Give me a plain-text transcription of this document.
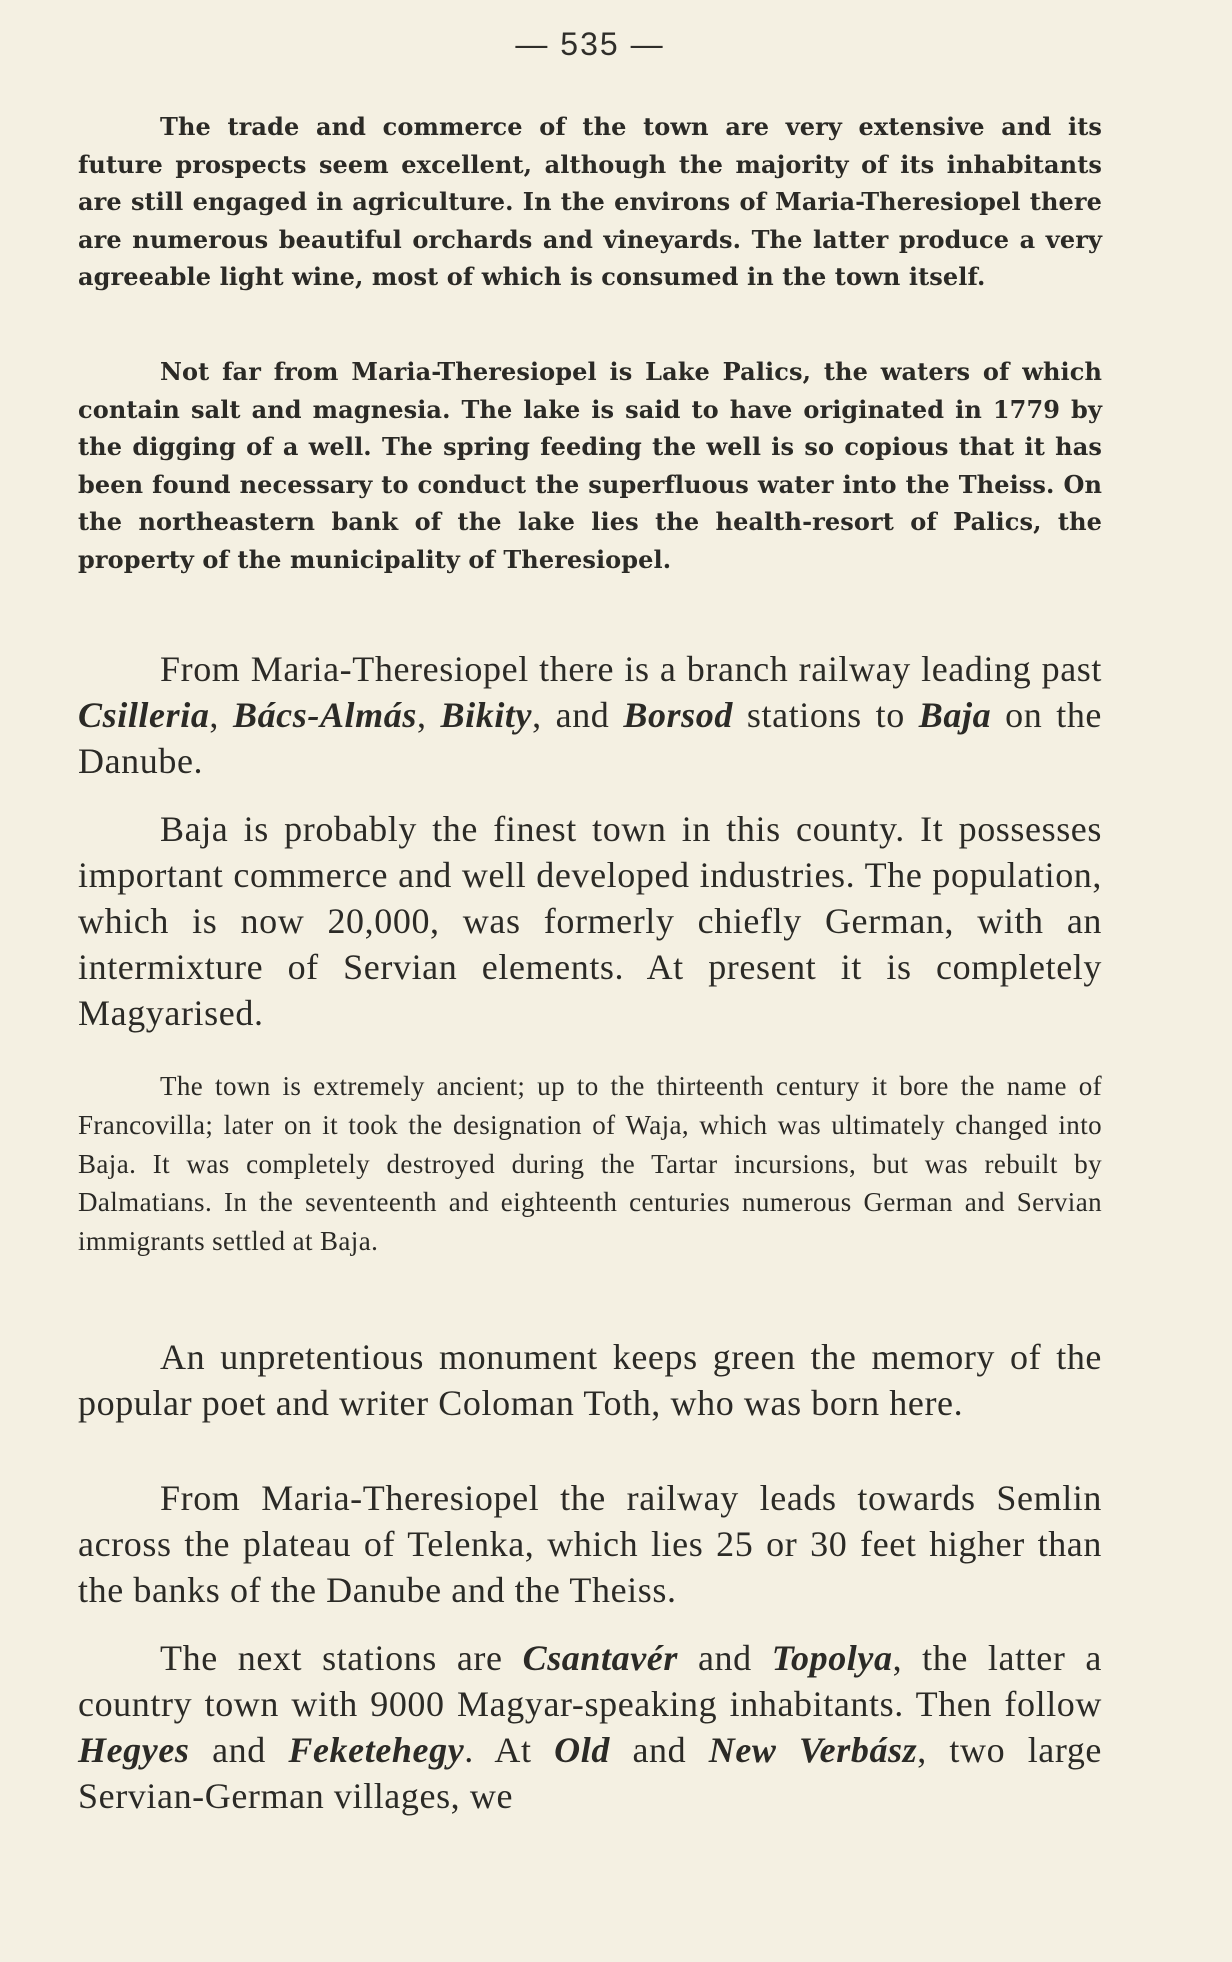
— 535 —

The trade and commerce of the town are very extensive and its future prospects seem excellent, although the majority of its inhabitants are still engaged in agriculture. In the environs of Maria-Theresiopel there are numerous beautiful orchards and vineyards. The latter produce a very agreeable light wine, most of which is consumed in the town itself.

Not far from Maria-Theresiopel is Lake Palics, the waters of which contain salt and magnesia. The lake is said to have originated in 1779 by the digging of a well. The spring feeding the well is so copious that it has been found necessary to conduct the superfluous water into the Theiss. On the northeastern bank of the lake lies the health-resort of Palics, the property of the municipality of Theresiopel.

From Maria-Theresiopel there is a branch railway leading past Csilleria, Bács-Almás, Bikity, and Borsod stations to Baja on the Danube.

Baja is probably the finest town in this county. It possesses important commerce and well developed industries. The population, which is now 20,000, was formerly chiefly German, with an intermixture of Servian elements. At present it is completely Magyarised.

The town is extremely ancient; up to the thirteenth century it bore the name of Francovilla; later on it took the designation of Waja, which was ultimately changed into Baja. It was completely destroyed during the Tartar incursions, but was rebuilt by Dalmatians. In the seventeenth and eighteenth centuries numerous German and Servian immigrants settled at Baja.

An unpretentious monument keeps green the memory of the popular poet and writer Coloman Toth, who was born here.

From Maria-Theresiopel the railway leads towards Semlin across the plateau of Telenka, which lies 25 or 30 feet higher than the banks of the Danube and the Theiss.

The next stations are Csantavér and Topolya, the latter a country town with 9000 Magyar-speaking inhabitants. Then follow Hegyes and Feketehegy. At Old and New Verbász, two large Servian-German villages, we
